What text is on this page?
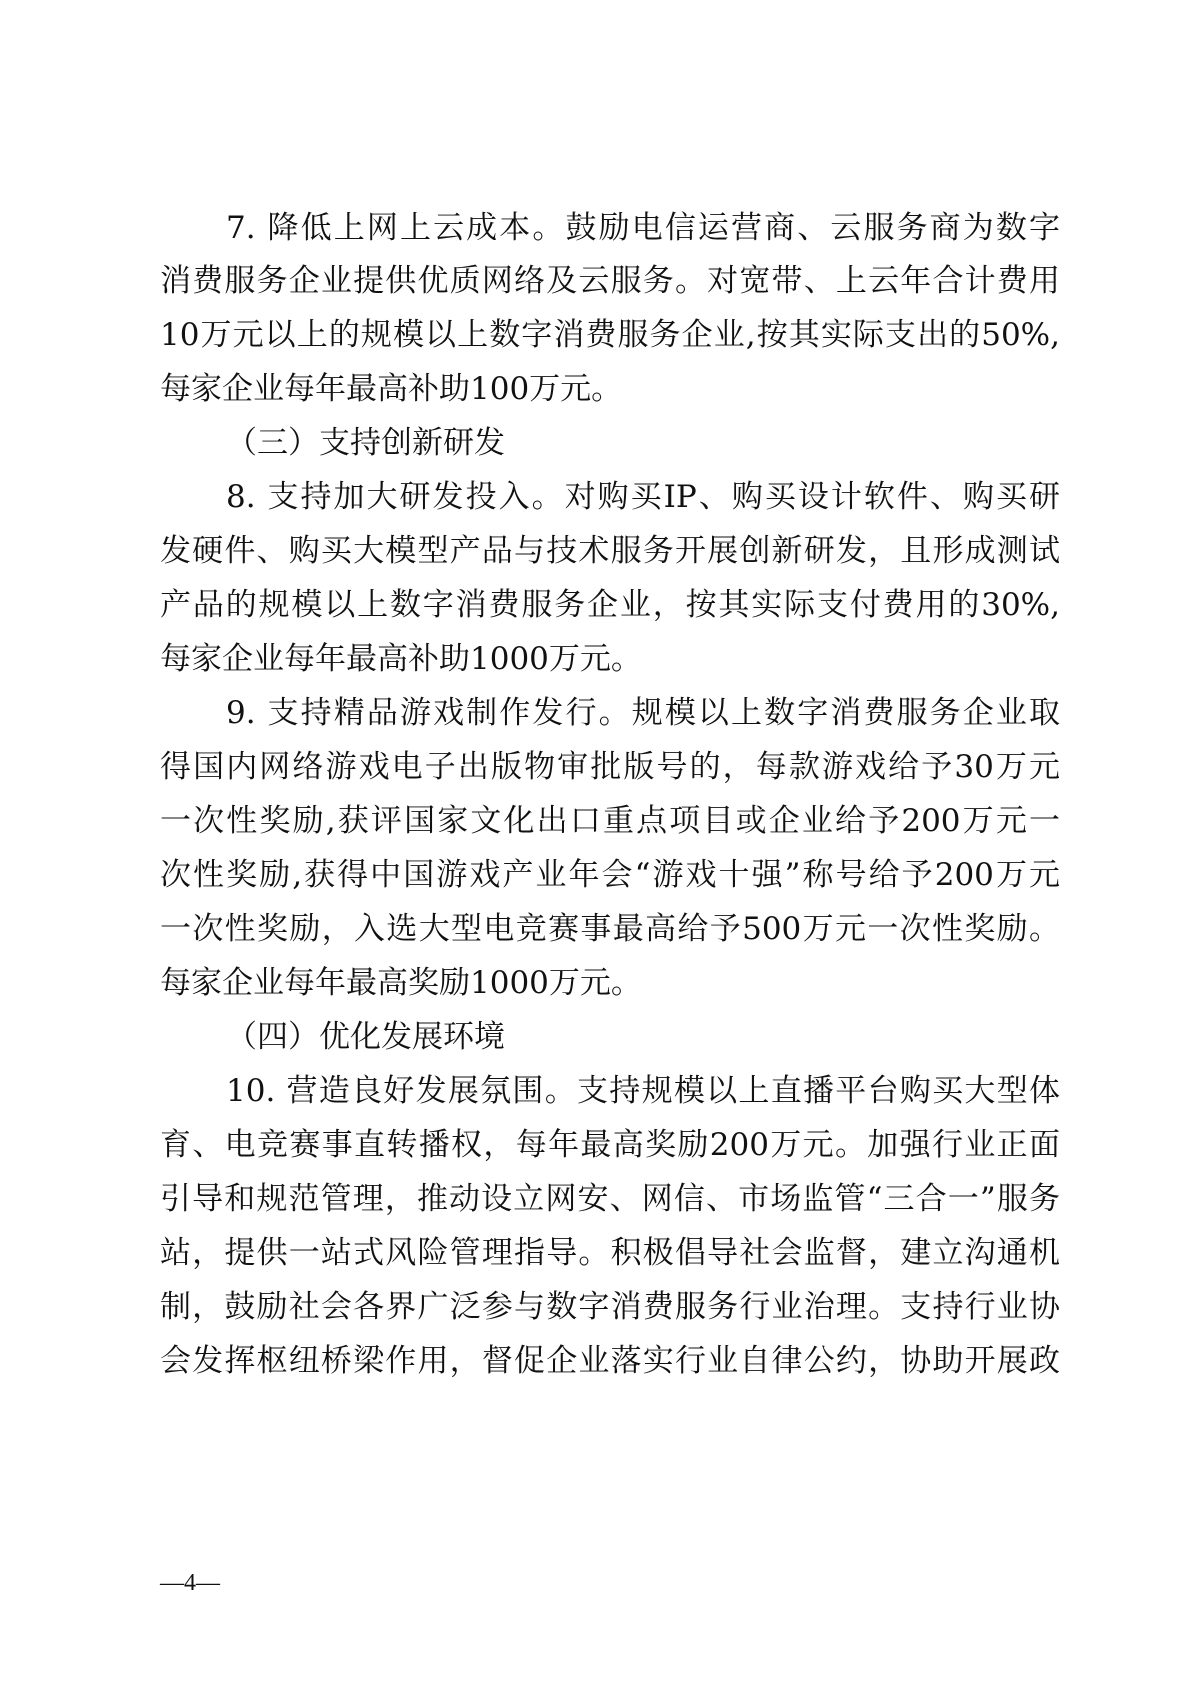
7. 降低上网上云成本。鼓励电信运营商、云服务商为数字
消费服务企业提供优质网络及云服务。对宽带、上云年合计费用
10万元以上的规模以上数字消费服务企业,按其实际支出的50%,
每家企业每年最高补助100万元。
（三）支持创新研发
8. 支持加大研发投入。对购买IP、购买设计软件、购买研
发硬件、购买大模型产品与技术服务开展创新研发，且形成测试
产品的规模以上数字消费服务企业，按其实际支付费用的30%,
每家企业每年最高补助1000万元。
9. 支持精品游戏制作发行。规模以上数字消费服务企业取
得国内网络游戏电子出版物审批版号的，每款游戏给予30万元
一次性奖励,获评国家文化出口重点项目或企业给予200万元一
次性奖励,获得中国游戏产业年会“游戏十强”称号给予200万元
一次性奖励，入选大型电竞赛事最高给予500万元一次性奖励。
每家企业每年最高奖励1000万元。
（四）优化发展环境
10. 营造良好发展氛围。支持规模以上直播平台购买大型体
育、电竞赛事直转播权，每年最高奖励200万元。加强行业正面
引导和规范管理，推动设立网安、网信、市场监管“三合一”服务
站，提供一站式风险管理指导。积极倡导社会监督，建立沟通机
制，鼓励社会各界广泛参与数字消费服务行业治理。支持行业协
会发挥枢纽桥梁作用，督促企业落实行业自律公约，协助开展政
—4—
